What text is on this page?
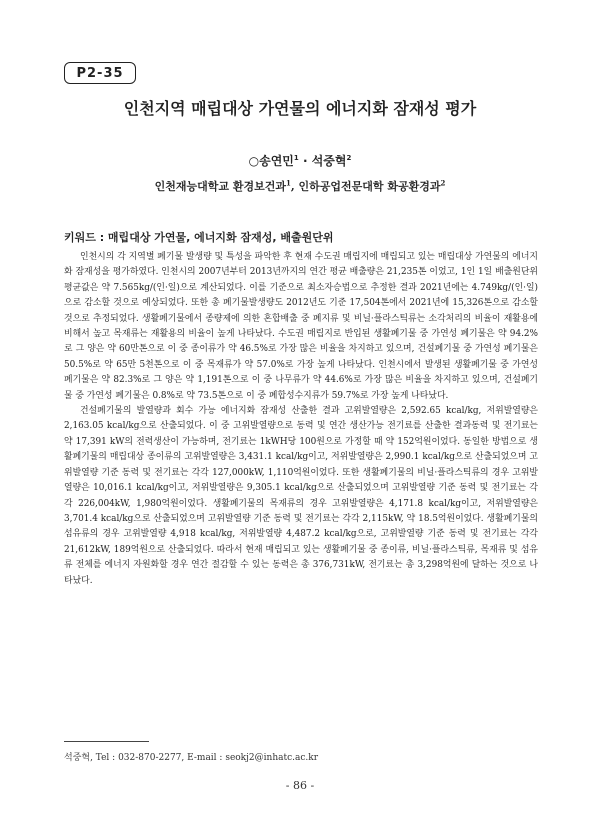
P2-35
인천지역 매립대상 가연물의 에너지화 잠재성 평가
○송연민$^1$ · 석중혁$^2$
인천재능대학교 환경보건과$^1$, 인하공업전문대학 화공환경과$^2$
키워드 : 매립대상 가연물, 에너지화 잠재성, 배출원단위

인천시의 각 지역별 폐기물 발생량 및 특성을 파악한 후 현재 수도권 매립지에 매립되고 있는 매립대상 가연물의 에너지화 잠재성을 평가하였다. 인천시의 2007년부터 2013년까지의 연간 평균 배출량은 21,235톤 이었고, 1인 1일 배출원단위 평균값은 약 7.565kg/(인·일)으로 계산되었다. 이를 기준으로 최소자승법으로 추정한 결과 2021년에는 4.749kg/(인·일)으로 감소할 것으로 예상되었다. 또한 총 폐기물발생량도 2012년도 기준 17,504톤에서 2021년에 15,326톤으로 감소할 것으로 추정되었다. 생활폐기물에서 종량제에 의한 혼합배출 중 폐지류 및 비닐·플라스틱류는 소각처리의 비율이 재활용에 비해서 높고 목재류는 재활용의 비율이 높게 나타났다. 수도권 매립지로 반입된 생활폐기물 중 가연성 폐기물은 약 94.2%로 그 양은 약 60만톤으로 이 중 종이류가 약 46.5%로 가장 많은 비율을 차지하고 있으며, 건설폐기물 중 가연성 폐기물은 50.5%로 약 65만 5천톤으로 이 중 목재류가 약 57.0%로 가장 높게 나타났다. 인천시에서 발생된 생활폐기물 중 가연성 폐기물은 약 82.3%로 그 양은 약 1,191톤으로 이 중 나무류가 약 44.6%로 가장 많은 비율을 차지하고 있으며, 건설폐기물 중 가연성 폐기물은 0.8%로 약 73.5톤으로 이 중 폐합성수지류가 59.7%로 가장 높게 나타났다.

건설폐기물의 발열량과 회수 가능 에너지화 잠재성 산출한 결과 고위발열량은 2,592.65 kcal/kg, 저위발열량은 2,163.05 kcal/kg으로 산출되었다. 이 중 고위발열량으로 동력 및 연간 생산가능 전기료를 산출한 결과동력 및 전기료는 약 17,391 kW의 전력생산이 가능하며, 전기료는 1kWH당 100원으로 가정할 때 약 152억원이었다. 동일한 방법으로 생활폐기물의 매립대상 종이류의 고위발열량은 3,431.1 kcal/kg이고, 저위발열량은 2,990.1 kcal/kg으로 산출되었으며 고위발열량 기준 동력 및 전기료는 각각 127,000kW, 1,110억원이었다. 또한 생활폐기물의 비닐·플라스틱류의 경우 고위발열량은 10,016.1 kcal/kg이고, 저위발열량은 9,305.1 kcal/kg으로 산출되었으며 고위발열량 기준 동력 및 전기료는 각각 226,004kW, 1,980억원이었다. 생활폐기물의 목재류의 경우 고위발열량은 4,171.8 kcal/kg이고, 저위발열량은 3,701.4 kcal/kg으로 산출되었으며 고위발열량 기준 동력 및 전기료는 각각 2,115kW, 약 18.5억원이었다. 생활폐기물의 섬유류의 경우 고위발열량 4,918 kcal/kg, 저위발열량 4,487.2 kcal/kg으로, 고위발열량 기준 동력 및 전기료는 각각 21,612kW, 189억원으로 산출되었다. 따라서 현재 매립되고 있는 생활폐기물 중 종이류, 비닐·플라스틱류, 목재류 및 섬유류 전체를 에너지 자원화할 경우 연간 절감할 수 있는 동력은 총 376,731kW, 전기료는 총 3,298억원에 달하는 것으로 나타났다.

석중혁, Tel : 032-870-2277, E-mail : seokj2@inhatc.ac.kr
- 86 -
